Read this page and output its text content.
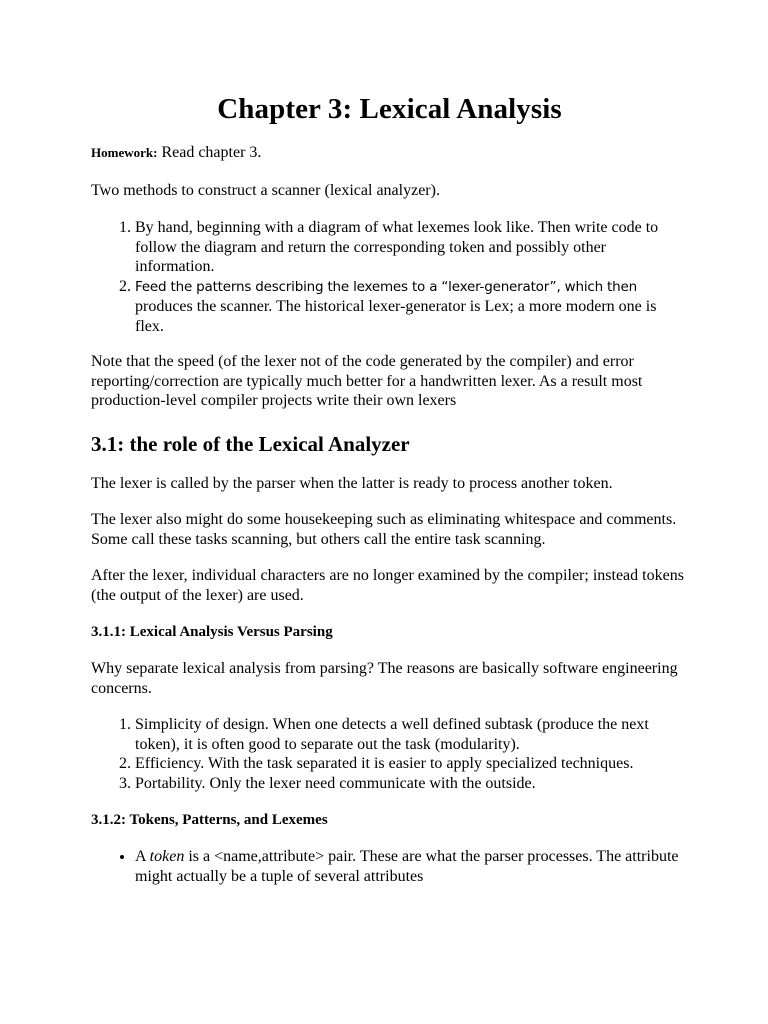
Chapter 3: Lexical Analysis

Homework: Read chapter 3.

Two methods to construct a scanner (lexical analyzer).

1. By hand, beginning with a diagram of what lexemes look like. Then write code to follow the diagram and return the corresponding token and possibly other information.
2. Feed the patterns describing the lexemes to a “lexer-generator”, which then produces the scanner. The historical lexer-generator is Lex; a more modern one is flex.

Note that the speed (of the lexer not of the code generated by the compiler) and error reporting/correction are typically much better for a handwritten lexer. As a result most production-level compiler projects write their own lexers

3.1: the role of the Lexical Analyzer

The lexer is called by the parser when the latter is ready to process another token.

The lexer also might do some housekeeping such as eliminating whitespace and comments. Some call these tasks scanning, but others call the entire task scanning.

After the lexer, individual characters are no longer examined by the compiler; instead tokens (the output of the lexer) are used.

3.1.1: Lexical Analysis Versus Parsing

Why separate lexical analysis from parsing? The reasons are basically software engineering concerns.

1. Simplicity of design. When one detects a well defined subtask (produce the next token), it is often good to separate out the task (modularity).
2. Efficiency. With the task separated it is easier to apply specialized techniques.
3. Portability. Only the lexer need communicate with the outside.
3.1.2: Tokens, Patterns, and Lexemes
• A token is a <name,attribute> pair. These are what the parser processes. The attribute might actually be a tuple of several attributes
